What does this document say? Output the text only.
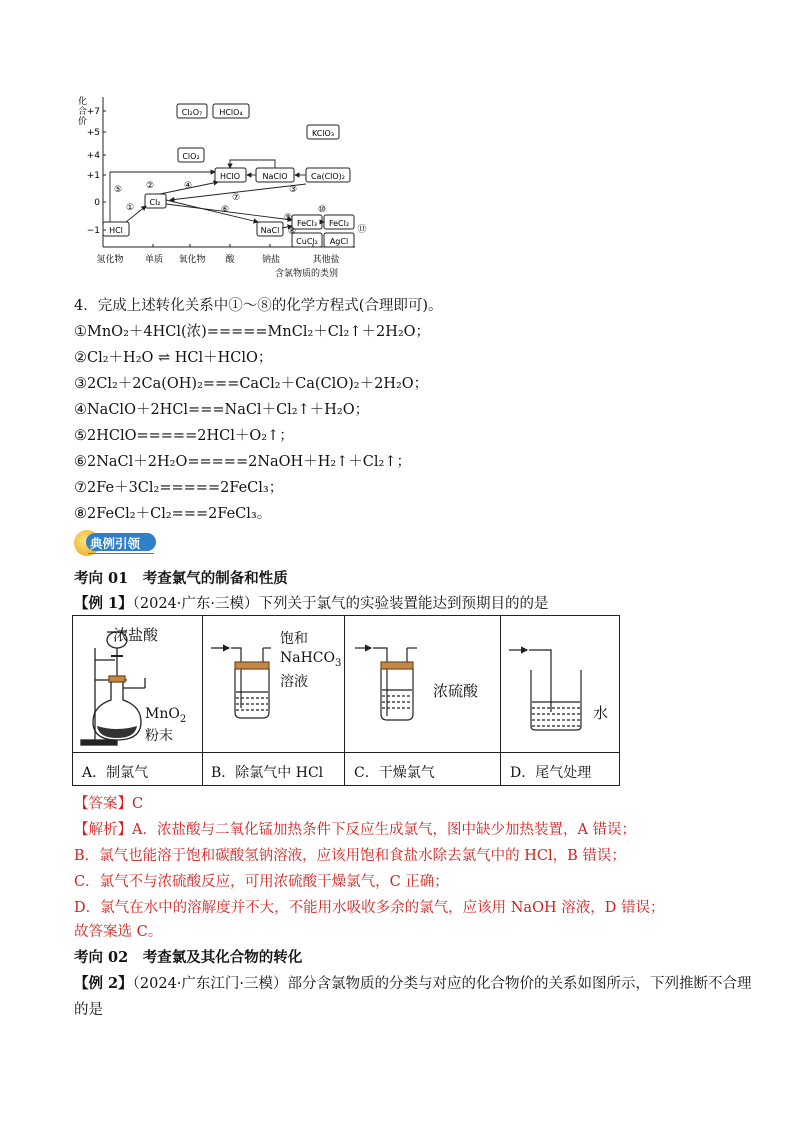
化合价
+7
+5
+4
+1
0
−1
氢化物 单质 氧化物 酸	钠盐	其他盐
含氯物质的类别
Cl₂O₇ HClO₄
KClO₃
ClO₂
HClO	NaClO	Ca(ClO)₂
Cl₂
HCl	NaCl
FeCl₃ FeCl₂
CuCl₂ AgCl
①
②	③
④
⑤
⑥
⑦
⑧
⑨
⑩
⑪
4．完成上述转化关系中①～⑧的化学方程式(合理即可)。
①MnO₂＋4HCl(浓)=====MnCl₂＋Cl₂↑＋2H₂O；
②Cl₂＋H₂O ⇌ HCl＋HClO；
③2Cl₂＋2Ca(OH)₂===CaCl₂＋Ca(ClO)₂＋2H₂O；
④NaClO＋2HCl===NaCl＋Cl₂↑＋H₂O；
⑤2HClO=====2HCl＋O₂↑；
⑥2NaCl＋2H₂O=====2NaOH＋H₂↑＋Cl₂↑；
⑦2Fe＋3Cl₂=====2FeCl₃；
⑧2FeCl₂＋Cl₂===2FeCl₃。
典例引领
考向 01　考查氯气的制备和性质
【例 1】（2024·广东·三模）下列关于氯气的实验装置能达到预期目的的是
浓盐酸
MnO$_2$
粉末
饱和
NaHCO$_3$
溶液
浓硫酸
水
A．制氯气	B．除氯气中 HCl C．干燥氯气	D．尾气处理
【答案】C
【解析】A．浓盐酸与二氧化锰加热条件下反应生成氯气，图中缺少加热装置，A 错误；
B．氯气也能溶于饱和碳酸氢钠溶液，应该用饱和食盐水除去氯气中的 HCl，B 错误；
C．氯气不与浓硫酸反应，可用浓硫酸干燥氯气，C 正确；
D．氯气在水中的溶解度并不大，不能用水吸收多余的氯气，应该用 NaOH 溶液，D 错误；
故答案选 C。
考向 02　考查氯及其化合物的转化
【例 2】（2024·广东江门·三模）部分含氯物质的分类与对应的化合物价的关系如图所示，下列推断不合理
的是
